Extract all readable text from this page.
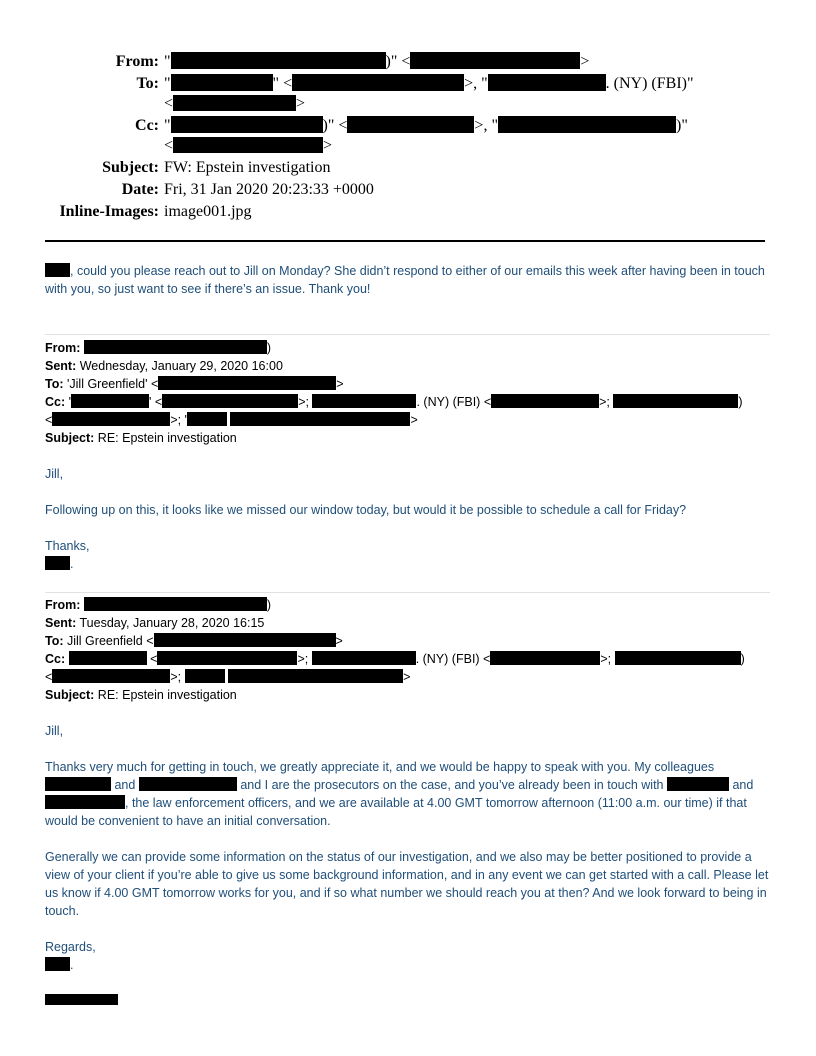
From: "	)" <	>
To: "	" <	>, "	. (NY) (FBI)"
<	>
Cc: "	)" <	>, "	)"
<	>
Subject: FW: Epstein investigation
Date: Fri, 31 Jan 2020 20:23:33 +0000
Inline-Images: image001.jpg
, could you please reach out to Jill on Monday? She didn’t respond to either of our emails this week after having been in touch with you, so just want to see if there’s an issue. Thank you!
From:	)
Sent: Wednesday, January 29, 2020 16:00
To: 'Jill Greenfield' <	>
Cc: '	' <	>;	. (NY) (FBI) <	>;	)
<	>; '	>
Subject: RE: Epstein investigation
Jill,
Following up on this, it looks like we missed our window today, but would it be possible to schedule a call for Friday?
Thanks,
.
From:	)
Sent: Tuesday, January 28, 2020 16:15
To: Jill Greenfield <	>
Cc:	<	>;	. (NY) (FBI) <	>;	)
<	>;	>
Subject: RE: Epstein investigation
Jill,
Thanks very much for getting in touch, we greatly appreciate it, and we would be happy to speak with you. My colleagues  and	and I are the prosecutors on the case, and you’ve already been in touch with	and , the law enforcement officers, and we are available at 4.00 GMT tomorrow afternoon (11:00 a.m. our time) if that would be convenient to have an initial conversation.
Generally we can provide some information on the status of our investigation, and we also may be better positioned to provide a view of your client if you’re able to give us some background information, and in any event we can get started with a call. Please let us know if 4.00 GMT tomorrow works for you, and if so what number we should reach you at then? And we look forward to being in touch.
Regards,
.
